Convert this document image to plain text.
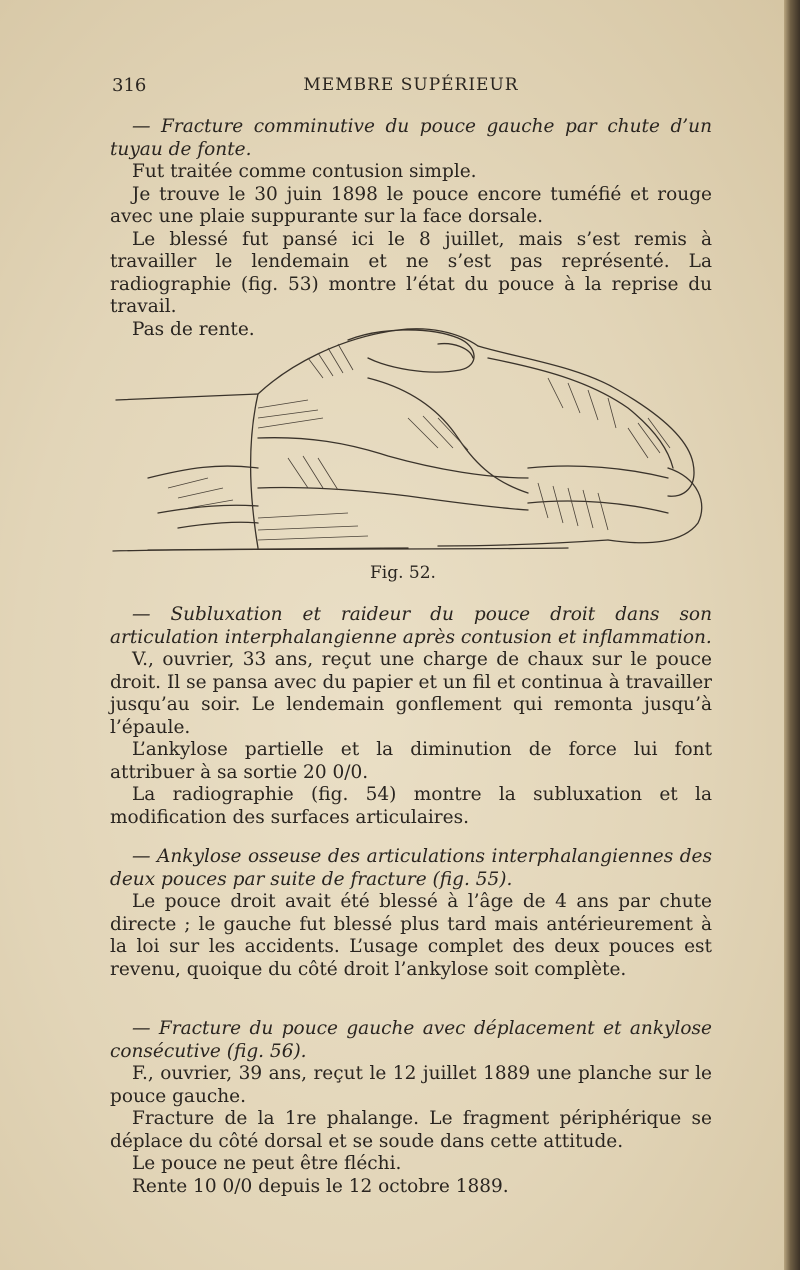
316	MEMBRE SUPÉRIEUR

— Fracture comminutive du pouce gauche par chute d’un tuyau de fonte.

Fut traitée comme contusion simple.

Je trouve le 30 juin 1898 le pouce encore tuméfié et rouge avec une plaie suppurante sur la face dorsale.

Le blessé fut pansé ici le 8 juillet, mais s’est remis à travailler le lendemain et ne s’est pas représenté. La radiographie (fig. 53) montre l’état du pouce à la reprise du travail.

Pas de rente.

Fig. 52.

— Subluxation et raideur du pouce droit dans son articulation interphalangienne après contusion et inflammation.

V., ouvrier, 33 ans, reçut une charge de chaux sur le pouce droit. Il se pansa avec du papier et un fil et continua à travailler jusqu’au soir. Le lendemain gonflement qui remonta jusqu’à l’épaule.

L’ankylose partielle et la diminution de force lui font attribuer à sa sortie 20 0/0.

La radiographie (fig. 54) montre la subluxation et la modification des surfaces articulaires.

— Ankylose osseuse des articulations interphalangiennes des deux pouces par suite de fracture (fig. 55).

Le pouce droit avait été blessé à l’âge de 4 ans par chute directe ; le gauche fut blessé plus tard mais antérieurement à la loi sur les accidents. L’usage complet des deux pouces est revenu, quoique du côté droit l’ankylose soit complète.

— Fracture du pouce gauche avec déplacement et ankylose consécutive (fig. 56).

F., ouvrier, 39 ans, reçut le 12 juillet 1889 une planche sur le pouce gauche.

Fracture de la 1re phalange. Le fragment périphérique se déplace du côté dorsal et se soude dans cette attitude.

Le pouce ne peut être fléchi.

Rente 10 0/0 depuis le 12 octobre 1889.
